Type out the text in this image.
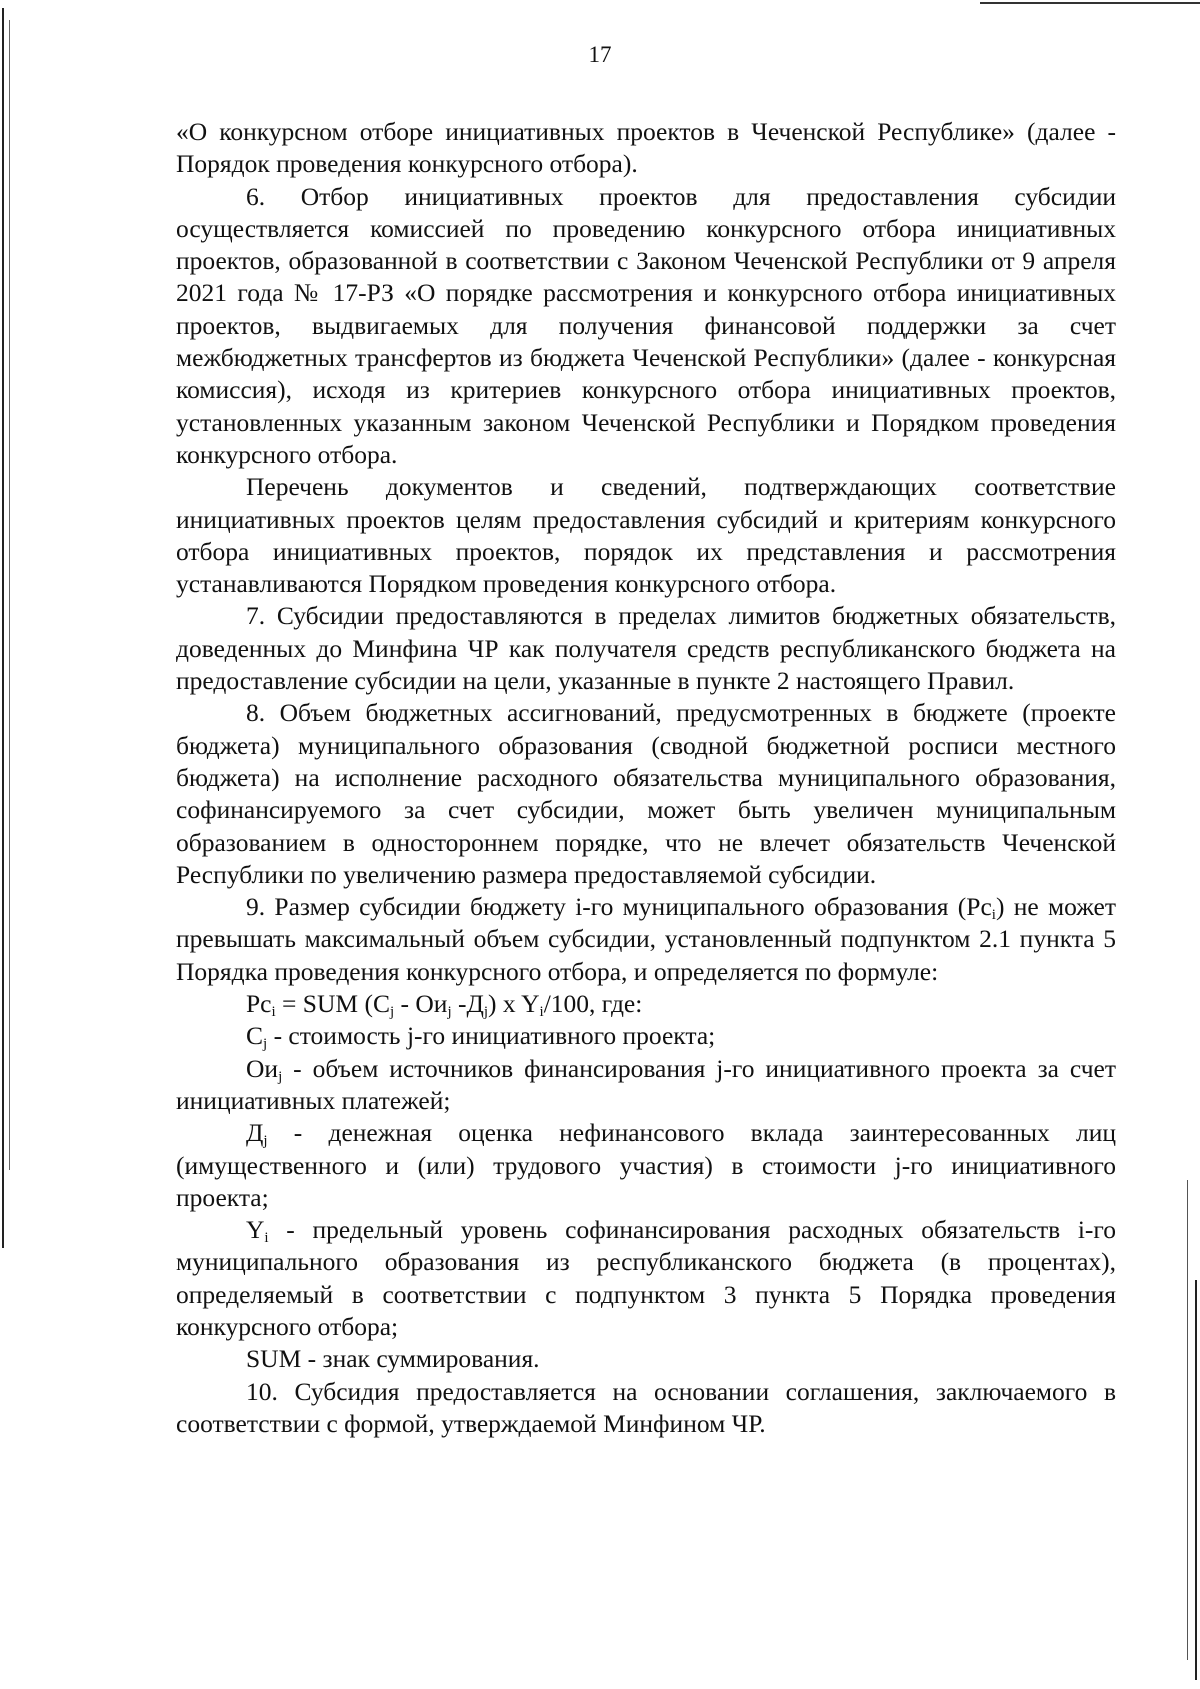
17

«О конкурсном отборе инициативных проектов в Чеченской Республике» (далее - Порядок проведения конкурсного отбора).

6. Отбор инициативных проектов для предоставления субсидии осуществляется комиссией по проведению конкурсного отбора инициативных проектов, образованной в соответствии с Законом Чеченской Республики от 9 апреля 2021 года № 17-РЗ «О порядке рассмотрения и конкурсного отбора инициативных проектов, выдвигаемых для получения финансовой поддержки за счет межбюджетных трансфертов из бюджета Чеченской Республики» (далее - конкурсная комиссия), исходя из критериев конкурсного отбора инициативных проектов, установленных указанным законом Чеченской Республики и Порядком проведения конкурсного отбора.

Перечень документов и сведений, подтверждающих соответствие инициативных проектов целям предоставления субсидий и критериям конкурсного отбора инициативных проектов, порядок их представления и рассмотрения устанавливаются Порядком проведения конкурсного отбора.

7. Субсидии предоставляются в пределах лимитов бюджетных обязательств, доведенных до Минфина ЧР как получателя средств республиканского бюджета на предоставление субсидии на цели, указанные в пункте 2 настоящего Правил.

8. Объем бюджетных ассигнований, предусмотренных в бюджете (проекте бюджета) муниципального образования (сводной бюджетной росписи местного бюджета) на исполнение расходного обязательства муниципального образования, софинансируемого за счет субсидии, может быть увеличен муниципальным образованием в одностороннем порядке, что не влечет обязательств Чеченской Республики по увеличению размера предоставляемой субсидии.

9. Размер субсидии бюджету i-го муниципального образования $(Рс_i)$ не может превышать максимальный объем субсидии, установленный подпунктом 2.1 пункта 5 Порядка проведения конкурсного отбора, и определяется по формуле:

$Рс_i$ = SUM ($С_j - Ои_j$ $-Д_j$) x $Y_i/100$, где:

$С_j$ - стоимость j-го инициативного проекта;

$Ои_j$ - объем источников финансирования j-го инициативного проекта за счет инициативных платежей;

$Д_j$ - денежная оценка нефинансового вклада заинтересованных лиц (имущественного и (или) трудового участия) в стоимости j-го инициативного проекта;

$Y_i$ - предельный уровень софинансирования расходных обязательств i-го муниципального образования из республиканского бюджета (в процентах), определяемый в соответствии с подпунктом 3 пункта 5 Порядка проведения конкурсного отбора;

SUM - знак суммирования.

10. Субсидия предоставляется на основании соглашения, заключаемого в соответствии с формой, утверждаемой Минфином ЧР.
